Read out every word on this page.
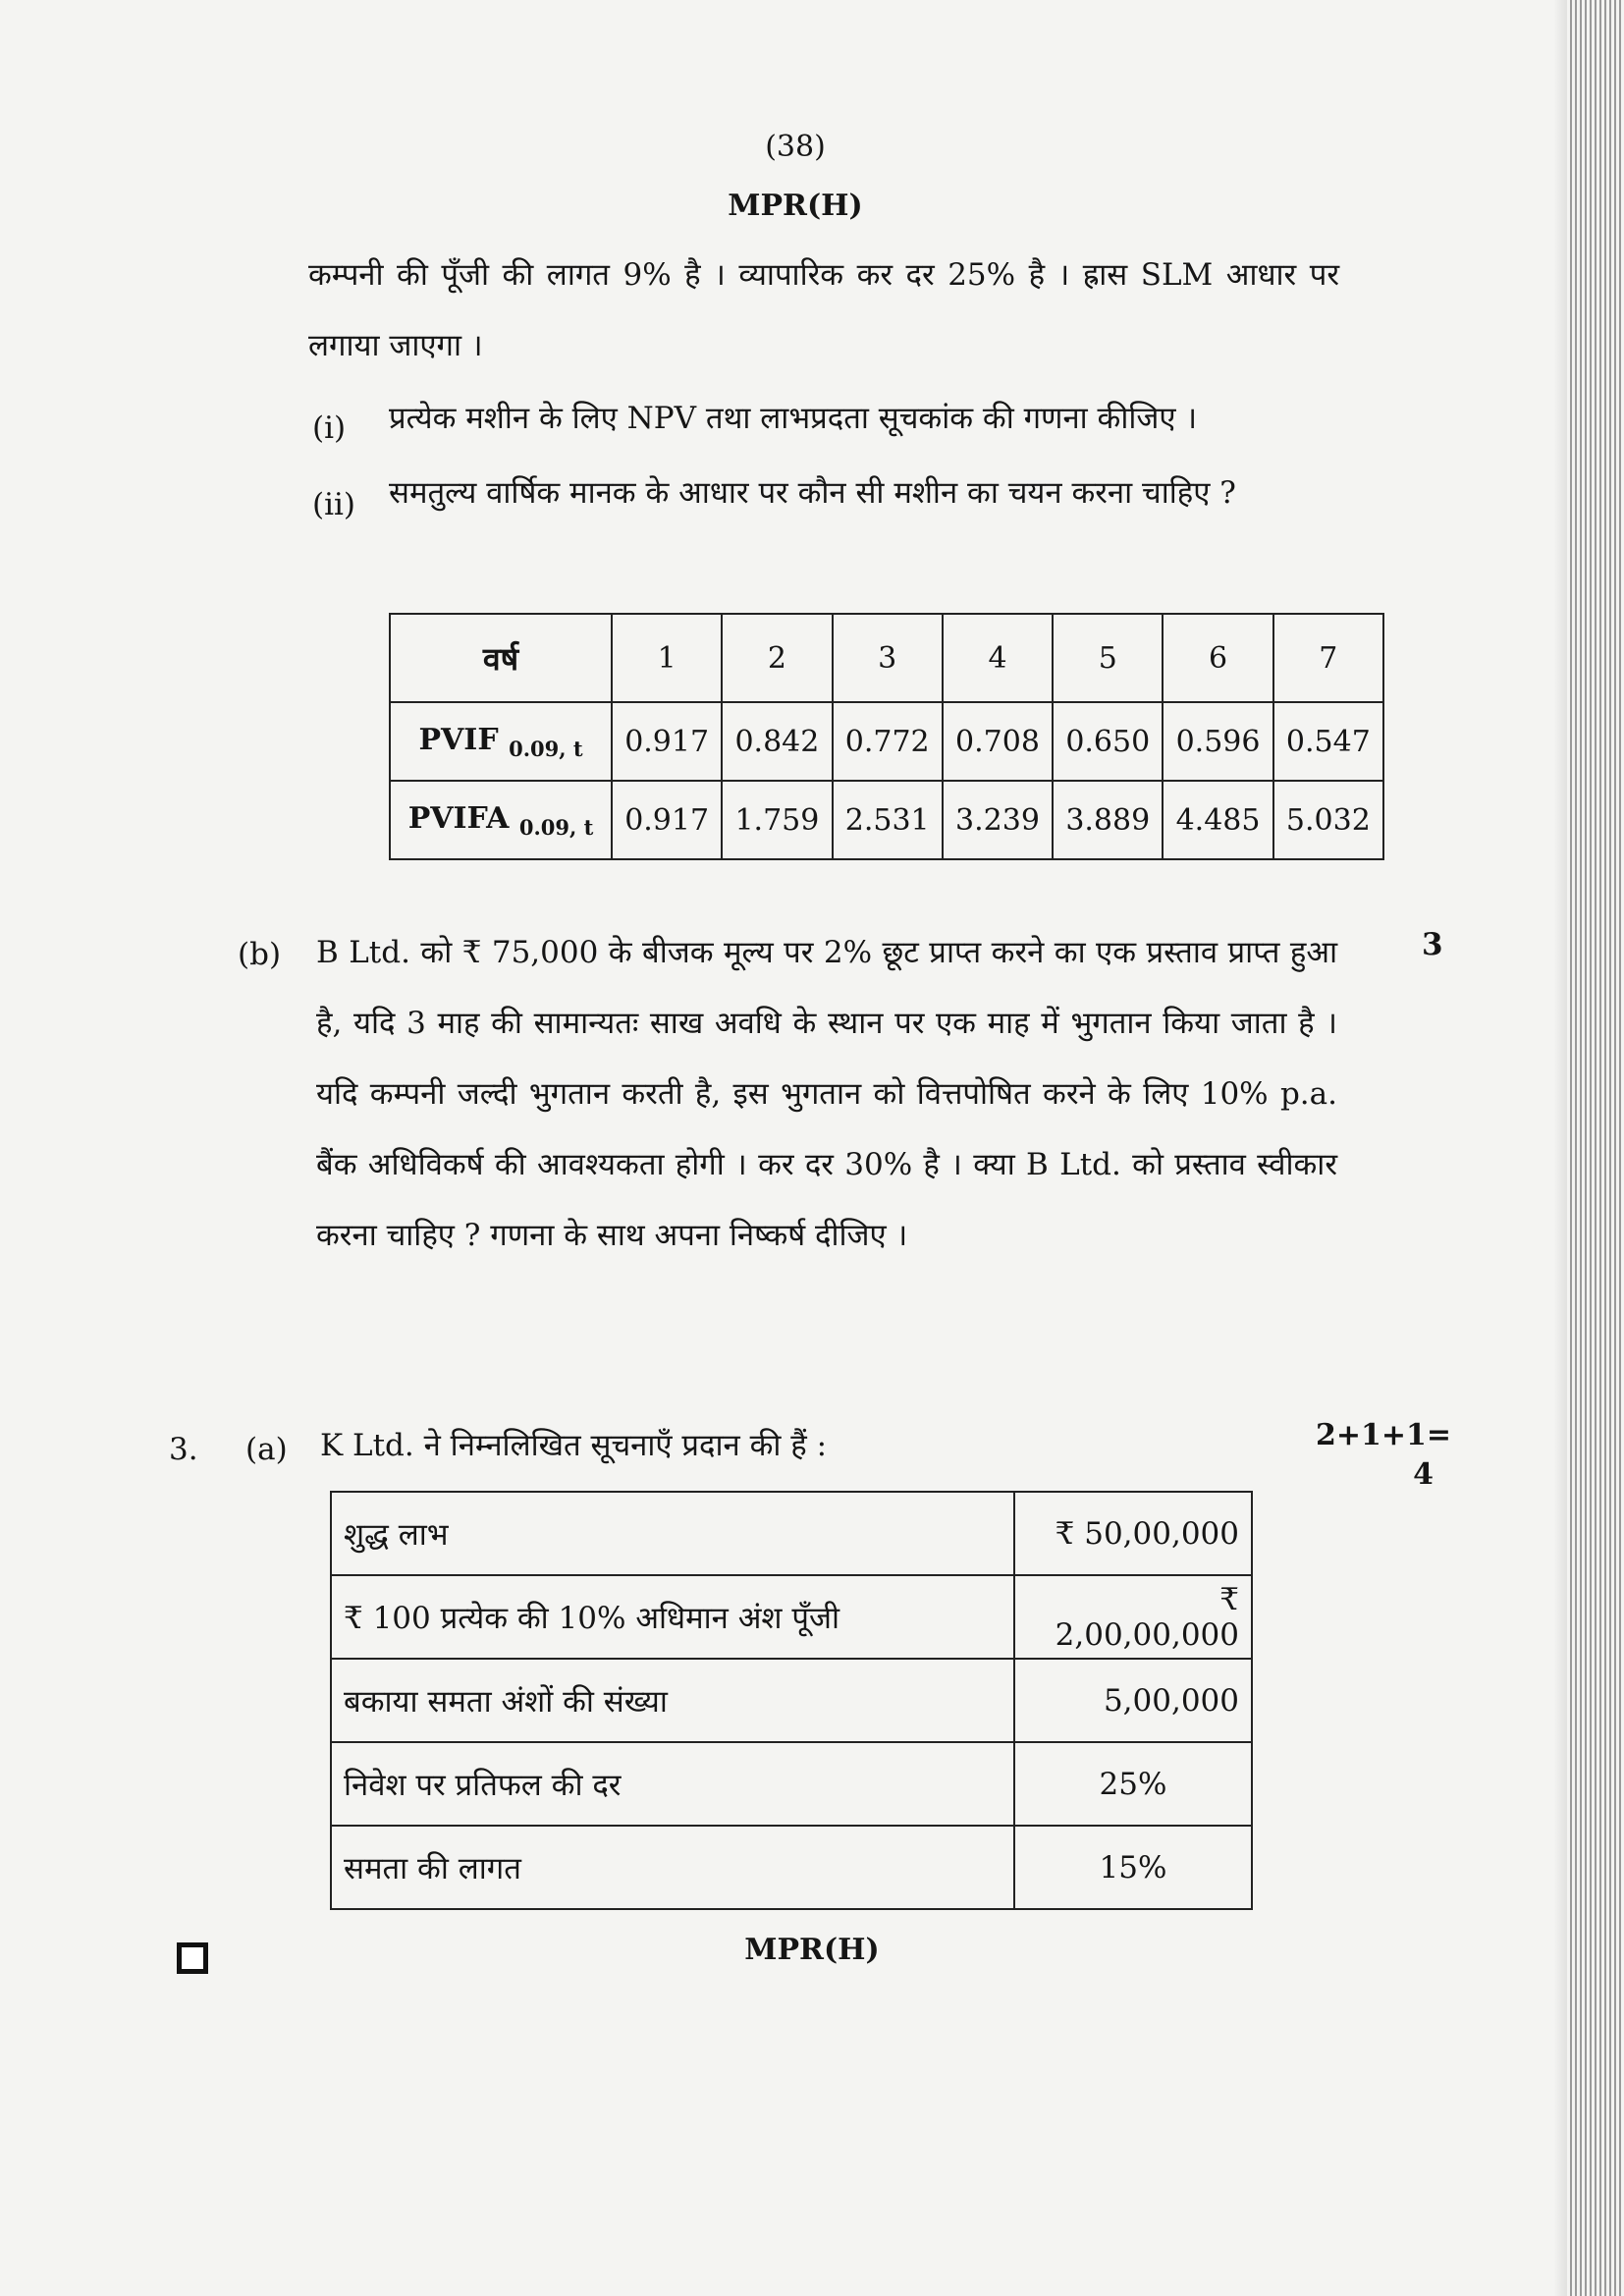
(38)
MPR(H)
कम्पनी की पूँजी की लागत 9% है । व्यापारिक कर दर 25% है । ह्रास SLM आधार पर लगाया जाएगा ।
(i) प्रत्येक मशीन के लिए NPV तथा लाभप्रदता सूचकांक की गणना कीजिए ।
(ii) समतुल्य वार्षिक मानक के आधार पर कौन सी मशीन का चयन करना चाहिए ?
वर्ष	1	2	3	4	5	6	7
PVIF $_{0.09, t}$	0.917	0.842	0.772	0.708	0.650	0.596	0.547
PVIFA $_{0.09, t}$	0.917	1.759	2.531	3.239	3.889	4.485	5.032
(b)	3
B Ltd. को ₹ 75,000 के बीजक मूल्य पर 2% छूट प्राप्त करने का एक प्रस्ताव प्राप्त हुआ है, यदि 3 माह की सामान्यतः साख अवधि के स्थान पर एक माह में भुगतान किया जाता है । यदि कम्पनी जल्दी भुगतान करती है, इस भुगतान को वित्तपोषित करने के लिए 10% p.a. बैंक अधिविकर्ष की आवश्यकता होगी । कर दर 30% है । क्या B Ltd. को प्रस्ताव स्वीकार करना चाहिए ? गणना के साथ अपना निष्कर्ष दीजिए ।
3. (a) K Ltd. ने निम्नलिखित सूचनाएँ प्रदान की हैं :	2+1+1=
4
शुद्ध लाभ	₹ 50,00,000
₹ 100 प्रत्येक की 10% अधिमान अंश पूँजी	₹ 2,00,00,000
बकाया समता अंशों की संख्या	5,00,000
निवेश पर प्रतिफल की दर	25%
समता की लागत	15%
MPR(H)
